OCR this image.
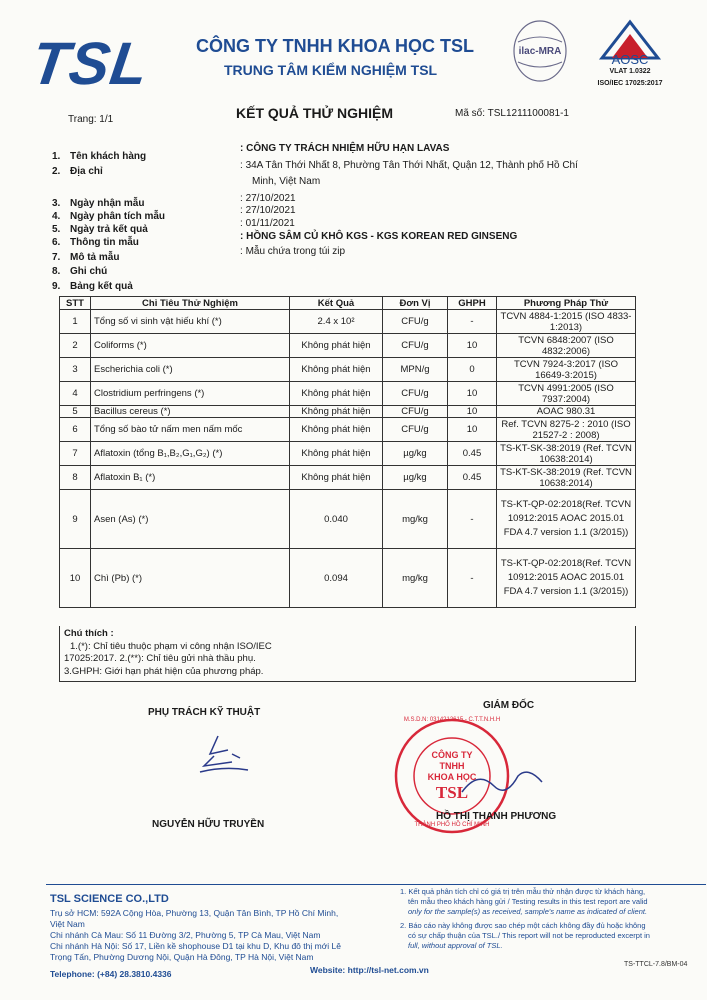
TSL CÔNG TY TNHH KHOA HỌC TSL
TRUNG TÂM KIỂM NGHIỆM TSL
ilac-MRA
AOSC
VLAT 1.0322
ISO/IEC 17025:2017
Trang: 1/1	KẾT QUẢ THỬ NGHIỆM	Mã số: TSL1211100081-1
1. Tên khách hàng
: CÔNG TY TRÁCH NHIỆM HỮU HẠN LAVAS
2. Địa chỉ
: 34A Tân Thới Nhất 8, Phường Tân Thới Nhất, Quận 12, Thành phố Hồ Chí
Minh, Việt Nam
3. Ngày nhận mẫu	: 27/10/2021
4. Ngày phân tích mẫu
: 27/10/2021
5. Ngày trả kết quả
: 01/11/2021
6. Thông tin mẫu
: HỒNG SÂM CỦ KHÔ KGS - KGS KOREAN RED GINSENG
7. Mô tả mẫu
: Mẫu chứa trong túi zip
8. Ghi chú
9. Bảng kết quả
STT	Chỉ Tiêu Thử Nghiệm	Kết Quả	Đơn Vị	GHPH	Phương Pháp Thử
1	Tổng số vi sinh vật hiếu khí (*)	2.4 x 10²	CFU/g	-	TCVN 4884-1:2015 (ISO 4833-1:2013)
2	Coliforms (*)	Không phát hiện	CFU/g	10	TCVN 6848:2007 (ISO 4832:2006)
3	Escherichia coli (*)	Không phát hiện	MPN/g	0	TCVN 7924-3:2017 (ISO 16649-3:2015)
4	Clostridium perfringens (*)	Không phát hiện	CFU/g	10	TCVN 4991:2005 (ISO 7937:2004)
5	Bacillus cereus (*)	Không phát hiện	CFU/g	10	AOAC 980.31
6	Tổng số bào tử nấm men nấm mốc	Không phát hiện	CFU/g	10	Ref. TCVN 8275-2 : 2010 (ISO 21527-2 : 2008)
7	Aflatoxin (tổng B₁,B₂,G₁,G₂) (*)	Không phát hiện	µg/kg	0.45	TS-KT-SK-38:2019 (Ref. TCVN 10638:2014)
8	Aflatoxin B₁ (*)	Không phát hiện	µg/kg	0.45	TS-KT-SK-38:2019 (Ref. TCVN 10638:2014)
9	Asen (As) (*)	0.040	mg/kg	-	TS-KT-QP-02:2018(Ref. TCVN 10912:2015 AOAC 2015.01 FDA 4.7 version 1.1 (3/2015))
10	Chì (Pb) (*)	0.094	mg/kg	-	TS-KT-QP-02:2018(Ref. TCVN 10912:2015 AOAC 2015.01 FDA 4.7 version 1.1 (3/2015))
Chú thích :
1.(*): Chỉ tiêu thuộc phạm vi công nhận ISO/IEC
17025:2017. 2.(**): Chỉ tiêu gửi nhà thầu phụ.
3.GHPH: Giới hạn phát hiện của phương pháp.
PHỤ TRÁCH KỸ THUẬT
NGUYỄN HỮU TRUYỀN
GIÁM ĐỐC
M.S.D.N: 0314212615 - C.T.T.N.H.H
CÔNG TY
TNHH
KHOA HỌC
TSL
THÀNH PHỐ HỒ CHÍ MINH
HỒ THỊ THANH PHƯƠNG
TSL SCIENCE CO.,LTD
Trụ sở HCM: 592A Cộng Hòa, Phường 13, Quận Tân Bình, TP Hồ Chí Minh,
Việt Nam
Chi nhánh Cà Mau: Số 11 Đường 3/2, Phường 5, TP Cà Mau, Việt Nam
Chi nhánh Hà Nội: Số 17, Liền kề shophouse D1 tại khu D, Khu đô thị mới Lê
Trọng Tấn, Phường Dương Nội, Quận Hà Đông, TP Hà Nội, Việt Nam
Telephone: (+84) 28.3810.4336	Website: http://tsl-net.com.vn
1. Kết quả phân tích chỉ có giá trị trên mẫu thử nhận được từ khách hàng,
tên mẫu theo khách hàng gửi / Testing results in this test report are valid
only for the sample(s) as received, sample's name as indicated of client.
2. Báo cáo này không được sao chép một cách không đầy đủ hoặc không
có sự chấp thuận của TSL./ This report will not be reproducted excerpt in
full, without approval of TSL.
TS-TTCL-7.8/BM-04
